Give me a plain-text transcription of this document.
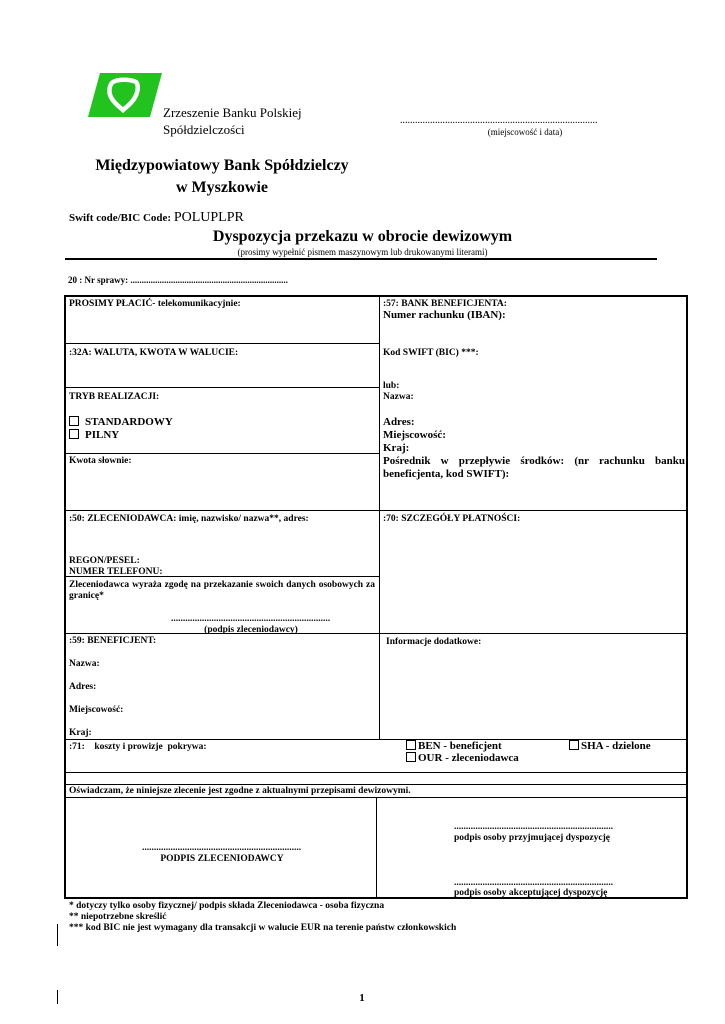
Zrzeszenie Banku Polskiej
Spółdzielczości
...............................................................................
(miejscowość i data)
Międzypowiatowy Bank Spółdzielczy
w Myszkowie
Swift code/BIC Code: POLUPLPR
Dyspozycja przekazu w obrocie dewizowym
(prosimy wypełnić pismem maszynowym lub drukowanymi literami)
20 : Nr sprawy: ......................................................................
PROSIMY PŁACIĆ- telekomunikacyjnie:
:32A: WALUTA, KWOTA W WALUCIE:
TRYB REALIZACJI:
STANDARDOWY
PILNY
Kwota słownie:
:50: ZLECENIODAWCA: imię, nazwisko/ nazwa**, adres:
REGON/PESEL:
NUMER TELEFONU:
Zleceniodawca wyraża zgodę na przekazanie swoich danych osobowych za granicę*
...................................................................
(podpis zleceniodawcy)
:59: BENEFICJENT:
Nazwa:
Adres:
Miejscowość:
Kraj:
:71:    koszty i prowizje  pokrywa:
:57: BANK BENEFICJENTA:
Numer rachunku (IBAN):
Kod SWIFT (BIC) ***:
lub:
Nazwa:
Adres:
Miejscowość:
Kraj:
Pośrednik w przepływie środków: (nr rachunku banku beneficjenta, kod SWIFT):
:70: SZCZEGÓŁY PŁATNOŚCI:
Informacje dodatkowe:
BEN - beneficjent	SHA - dzielone
OUR - zleceniodawca
Oświadczam, że niniejsze zlecenie jest zgodne z aktualnymi przepisami dewizowymi.
...................................................................
PODPIS ZLECENIODAWCY
...................................................................
podpis osoby przyjmującej dyspozycję
...................................................................
podpis osoby akceptującej dyspozycję
* dotyczy tylko osoby fizycznej/ podpis składa Zleceniodawca - osoba fizyczna
** niepotrzebne skreślić
*** kod BIC nie jest wymagany dla transakcji w walucie EUR na terenie państw członkowskich
1
